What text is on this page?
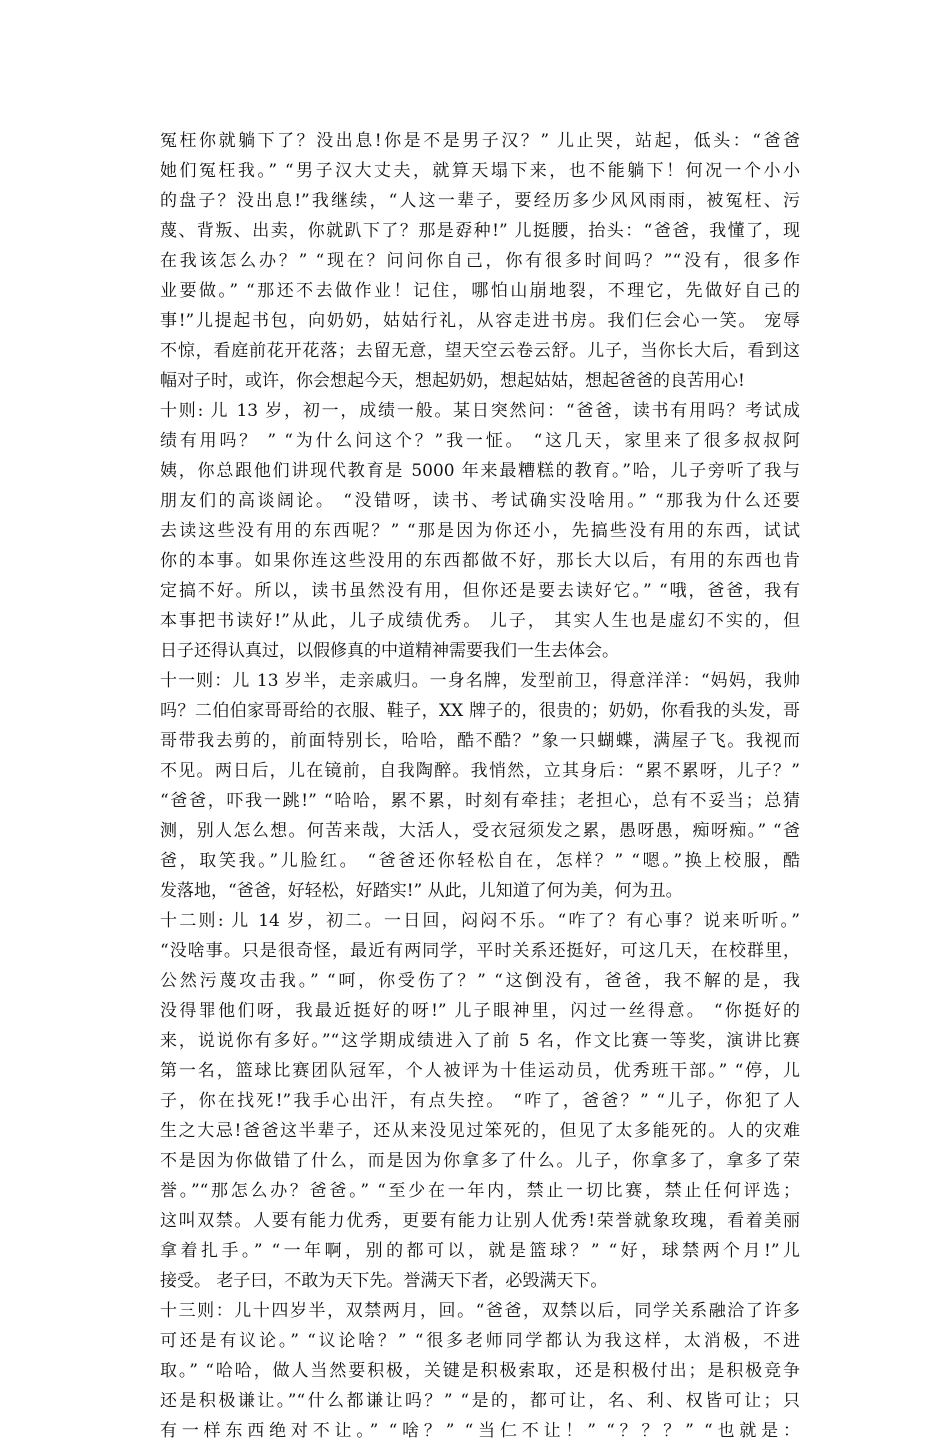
冤枉你就躺下了？没出息!你是不是男子汉？” 儿止哭，站起，低头：“爸爸
她们冤枉我。” “男子汉大丈夫，就算天塌下来，也不能躺下！何况一个小小
的盘子？没出息!”我继续，“人这一辈子，要经历多少风风雨雨，被冤枉、污
蔑、背叛、出卖，你就趴下了？那是孬种!” 儿挺腰，抬头：“爸爸，我懂了，现
在我该怎么办？” “现在？问问你自己，你有很多时间吗？”“没有，很多作
业要做。” “那还不去做作业！记住，哪怕山崩地裂，不理它，先做好自己的
事!”儿提起书包，向奶奶，姑姑行礼，从容走进书房。我们仨会心一笑。 宠辱
不惊，看庭前花开花落；去留无意，望天空云卷云舒。儿子，当你长大后，看到这
幅对子时，或许，你会想起今天，想起奶奶，想起姑姑，想起爸爸的良苦用心!
十则: 儿 13 岁，初一，成绩一般。某日突然问：“爸爸，读书有用吗？考试成
绩有用吗？ ” “为什么问这个？”我一怔。 “这几天，家里来了很多叔叔阿
姨，你总跟他们讲现代教育是 5000 年来最糟糕的教育。”哈，儿子旁听了我与
朋友们的高谈阔论。 “没错呀，读书、考试确实没啥用。” “那我为什么还要
去读这些没有用的东西呢？” “那是因为你还小，先搞些没有用的东西，试试
你的本事。如果你连这些没用的东西都做不好，那长大以后，有用的东西也肯
定搞不好。所以，读书虽然没有用，但你还是要去读好它。” “哦，爸爸，我有
本事把书读好!”从此，儿子成绩优秀。 儿子， 其实人生也是虚幻不实的，但
日子还得认真过，以假修真的中道精神需要我们一生去体会。
十一则：儿 13 岁半，走亲戚归。一身名牌，发型前卫，得意洋洋：“妈妈，我帅
吗？二伯伯家哥哥给的衣服、鞋子，XX 牌子的，很贵的；奶奶，你看我的头发，哥
哥带我去剪的，前面特别长，哈哈，酷不酷？”象一只蝴蝶，满屋子飞。我视而
不见。两日后，儿在镜前，自我陶醉。我悄然，立其身后：“累不累呀，儿子？”
“爸爸，吓我一跳!” “哈哈，累不累，时刻有牵挂；老担心，总有不妥当；总猜
测，别人怎么想。何苦来哉，大活人，受衣冠须发之累，愚呀愚，痴呀痴。” “爸
爸，取笑我。”儿脸红。 “爸爸还你轻松自在，怎样？” “嗯。”换上校服，酷
发落地，“爸爸，好轻松，好踏实!” 从此，儿知道了何为美，何为丑。
十二则: 儿 14 岁，初二。一日回，闷闷不乐。“咋了？有心事？说来听听。”
“没啥事。只是很奇怪，最近有两同学，平时关系还挺好，可这几天，在校群里，
公然污蔑攻击我。” “呵，你受伤了？” “这倒没有，爸爸，我不解的是，我
没得罪他们呀，我最近挺好的呀!” 儿子眼神里，闪过一丝得意。 “你挺好的
来，说说你有多好。”“这学期成绩进入了前 5 名，作文比赛一等奖，演讲比赛
第一名，篮球比赛团队冠军，个人被评为十佳运动员，优秀班干部。” “停，儿
子，你在找死!”我手心出汗，有点失控。 “咋了，爸爸？” “儿子，你犯了人
生之大忌!爸爸这半辈子，还从来没见过笨死的，但见了太多能死的。人的灾难
不是因为你做错了什么，而是因为你拿多了什么。儿子，你拿多了，拿多了荣
誉。”“那怎么办？爸爸。” “至少在一年内，禁止一切比赛，禁止任何评选；
这叫双禁。人要有能力优秀，更要有能力让别人优秀!荣誉就象玫瑰，看着美丽
拿着扎手。” “一年啊，别的都可以，就是篮球？” “好，球禁两个月!”儿
接受。 老子曰，不敢为天下先。誉满天下者，必毁满天下。
十三则：儿十四岁半，双禁两月，回。“爸爸，双禁以后，同学关系融洽了许多
可还是有议论。” “议论啥？” “很多老师同学都认为我这样，太消极，不进
取。” “哈哈，做人当然要积极，关键是积极索取，还是积极付出；是积极竞争
还是积极谦让。”“什么都谦让吗？” “是的，都可让，名、利、权皆可让；只
有一样东西绝对不让。” “啥？” “当仁不让！” “？？？” “也就是：
